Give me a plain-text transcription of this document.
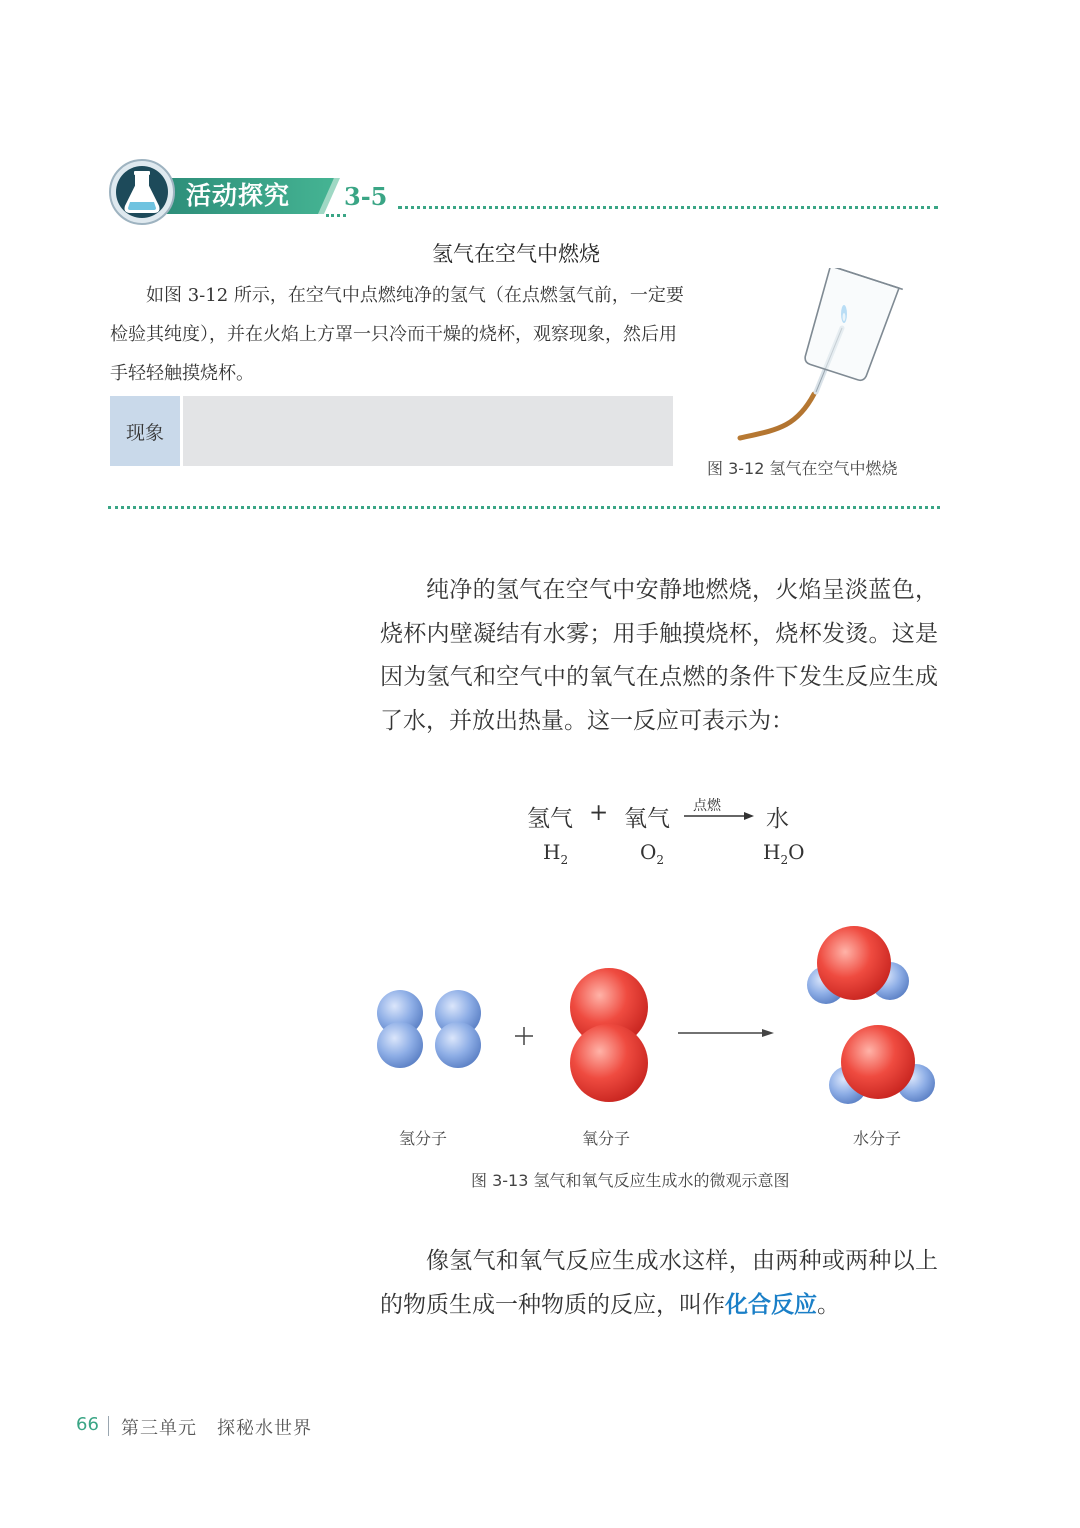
活动探究 3-5
氢气在空气中燃烧
如图 3-12 所示，在空气中点燃纯净的氢气（在点燃氢气前，一定要检验其纯度），并在火焰上方罩一只冷而干燥的烧杯，观察现象，然后用手轻轻触摸烧杯。
现象
图 3-12 氢气在空气中燃烧
纯净的氢气在空气中安静地燃烧，火焰呈淡蓝色，烧杯内壁凝结有水雾；用手触摸烧杯，烧杯发烫。这是因为氢气和空气中的氧气在点燃的条件下发生反应生成了水，并放出热量。这一反应可表示为：
氢气 + 氧气 点燃 水
$H_2$	$O_2$	$H_2O$
氢分子	氧分子	水分子
图 3-13 氢气和氧气反应生成水的微观示意图
像氢气和氧气反应生成水这样，由两种或两种以上的物质生成一种物质的反应，叫作化合反应。
66 第三单元 探秘水世界
